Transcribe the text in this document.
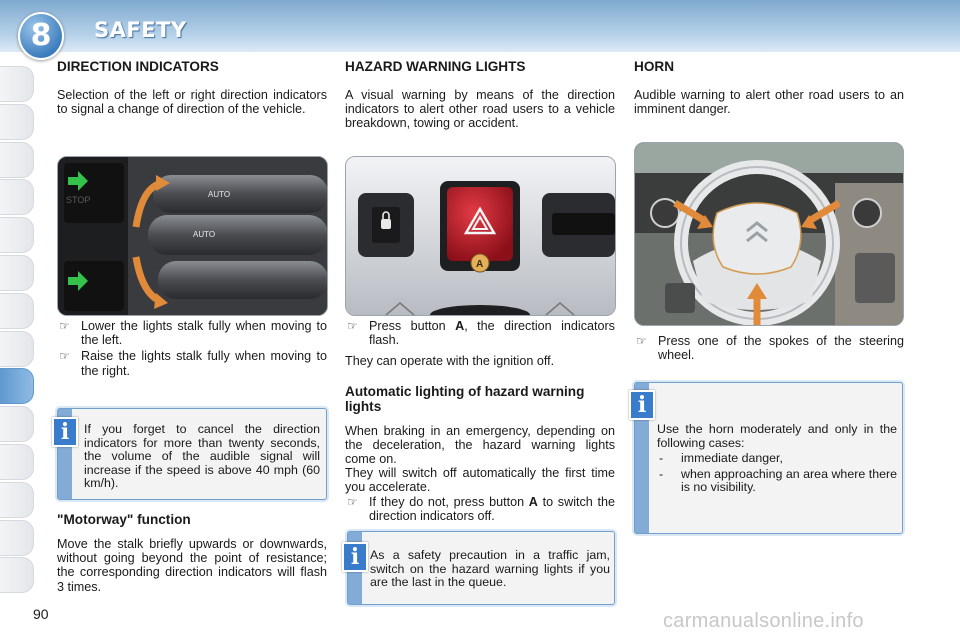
8	SAFETY
DIRECTION INDICATORS

Selection of the left or right direction indicators to signal a change of direction of the vehicle.

STOP
AUTO
AUTO

☞ Lower the lights stalk fully when moving to the left.

☞ Raise the lights stalk fully when moving to the right.

If you forget to cancel the direction indicators for more than twenty seconds, the volume of the audible signal will increase if the speed is above 40 mph (60 km/h).
i
"Motorway" function

Move the stalk briefly upwards or downwards, without going beyond the point of resistance; the corresponding direction indicators will flash 3 times.

HAZARD WARNING LIGHTS

A visual warning by means of the direction indicators to alert other road users to a vehicle breakdown, towing or accident.

A

☞ Press button A, the direction indicators flash.

They can operate with the ignition off.

Automatic lighting of hazard warning lights

When braking in an emergency, depending on the deceleration, the hazard warning lights come on.

They will switch off automatically the first time you accelerate.

☞ If they do not, press button A to switch the direction indicators off.

As a safety precaution in a traffic jam, switch on the hazard warning lights if you are the last in the queue.
i
HORN

Audible warning to alert other road users to an imminent danger.

☞ Press one of the spokes of the steering wheel.

Use the horn moderately and only in the following cases:
- immediate danger,
- when approaching an area where there is no visibility.
i
90	carmanualsonline.info
